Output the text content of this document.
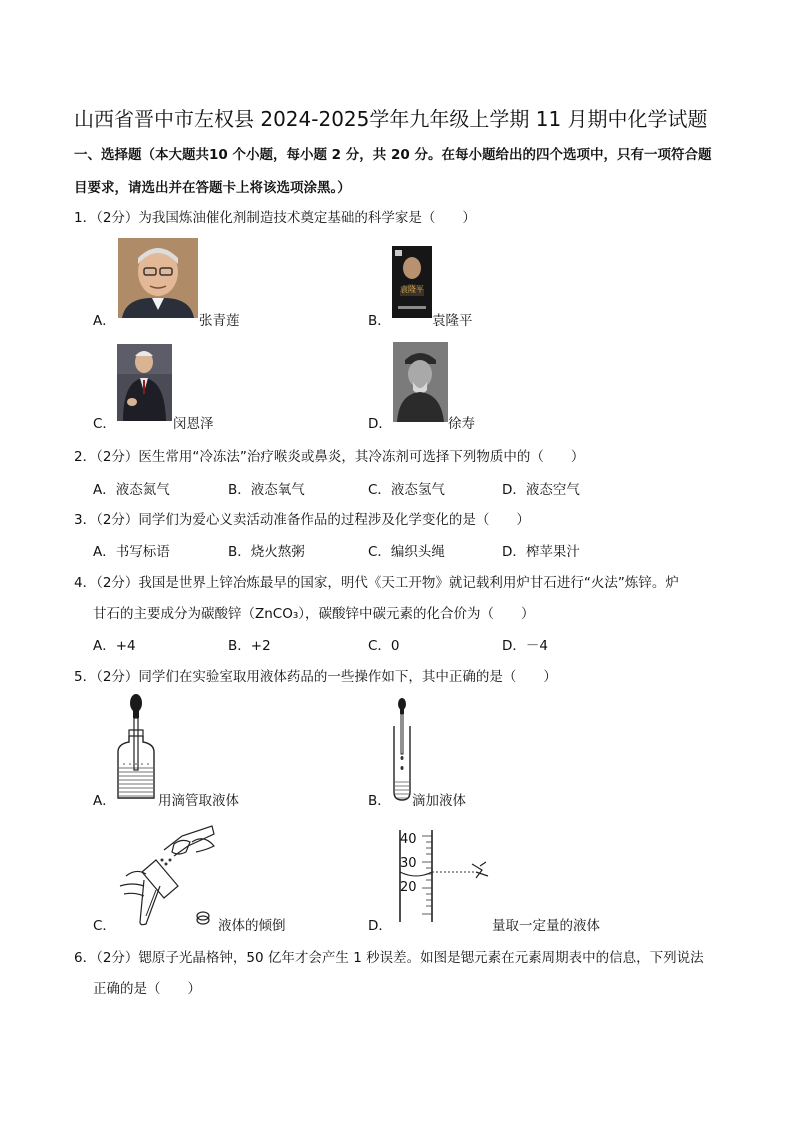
山西省晋中市左权县 2024-2025学年九年级上学期 11 月期中化学试题
一、选择题（本大题共10 个小题，每小题 2 分，共 20 分。在每小题给出的四个选项中，只有一项符合题
目要求，请选出并在答题卡上将该选项涂黑。）
1．（2分）为我国炼油催化剂制造技术奠定基础的科学家是（　　）
A．	张青莲	B．
袁隆平
袁隆平
C．	闵恩泽	D．	徐寿
2．（2分）医生常用“冷冻法”治疗喉炎或鼻炎，其冷冻剂可选择下列物质中的（　　）
A．液态氮气	B．液态氧气	C．液态氢气	D．液态空气
3．（2分）同学们为爱心义卖活动准备作品的过程涉及化学变化的是（　　）
A．书写标语	B．烧火熬粥	C．编织头绳	D．榨苹果汁
4．（2分）我国是世界上锌冶炼最早的国家，明代《天工开物》就记载利用炉甘石进行“火法”炼锌。炉
甘石的主要成分为碳酸锌（ZnCO₃），碳酸锌中碳元素的化合价为（　　）
A．+4	B．+2	C．0	D．－4
5．（2分）同学们在实验室取用液体药品的一些操作如下，其中正确的是（　　）
A．	用滴管取液体	B． 滴加液体
C．	液体的倾倒	D．
40
30
20
量取一定量的液体
6．（2分）锶原子光晶格钟，50 亿年才会产生 1 秒误差。如图是锶元素在元素周期表中的信息，下列说法
正确的是（　　）
